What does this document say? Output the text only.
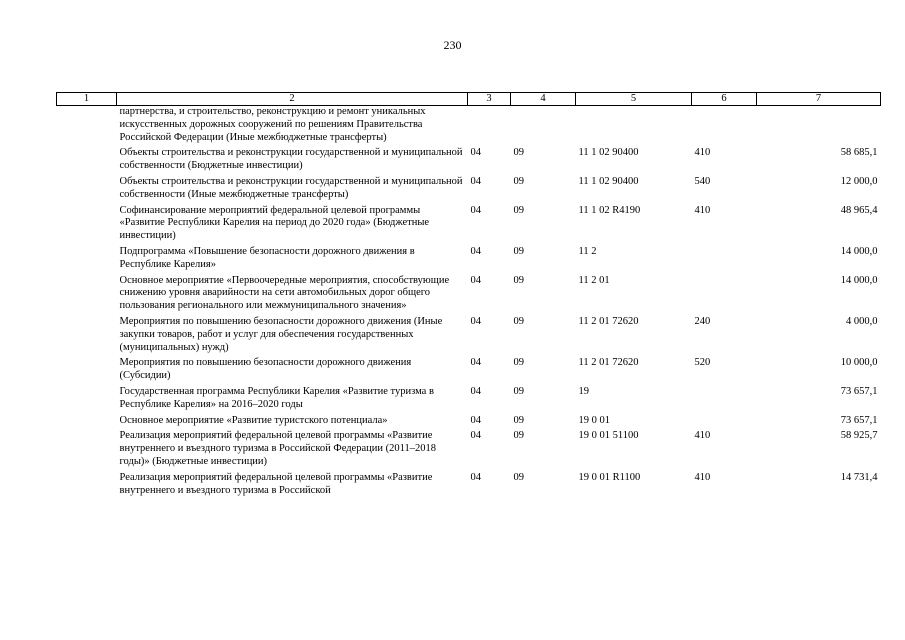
230
1	2	3	4	5	6	7
	партнерства, и строительство, реконструкцию и ремонт уникальных искусственных дорожных сооружений по решениям Правительства Российской Федерации (Иные межбюджетные трансферты)					
	Объекты строительства и реконструкции государственной и муниципальной собственности (Бюджетные инвестиции)	04	09	11 1 02 90400	410	58 685,1
	Объекты строительства и реконструкции государственной и муниципальной собственности (Иные межбюджетные трансферты)	04	09	11 1 02 90400	540	12 000,0
	Софинансирование мероприятий федеральной целевой программы «Развитие Республики Карелия на период до 2020 года» (Бюджетные инвестиции)	04	09	11 1 02 R4190	410	48 965,4
	Подпрограмма «Повышение безопасности дорожного движения в Республике Карелия»	04	09	11 2		14 000,0
	Основное мероприятие «Первоочередные мероприятия, способствующие снижению уровня аварийности на сети автомобильных дорог общего пользования регионального или межмуниципального значения»	04	09	11 2 01		14 000,0
	Мероприятия по повышению безопасности дорожного движения (Иные закупки товаров, работ и услуг для обеспечения государственных (муниципальных) нужд)	04	09	11 2 01 72620	240	4 000,0
	Мероприятия по повышению безопасности дорожного движения (Субсидии)	04	09	11 2 01 72620	520	10 000,0
	Государственная программа Республики Карелия «Развитие туризма в Республике Карелия» на 2016–2020 годы	04	09	19		73 657,1
	Основное мероприятие «Развитие туристского потенциала»	04	09	19 0 01		73 657,1
	Реализация мероприятий федеральной целевой программы «Развитие внутреннего и въездного туризма в Российской Федерации (2011–2018 годы)» (Бюджетные инвестиции)	04	09	19 0 01 51100	410	58 925,7
	Реализация мероприятий федеральной целевой программы «Развитие внутреннего и въездного туризма в Российской	04	09	19 0 01 R1100	410	14 731,4
